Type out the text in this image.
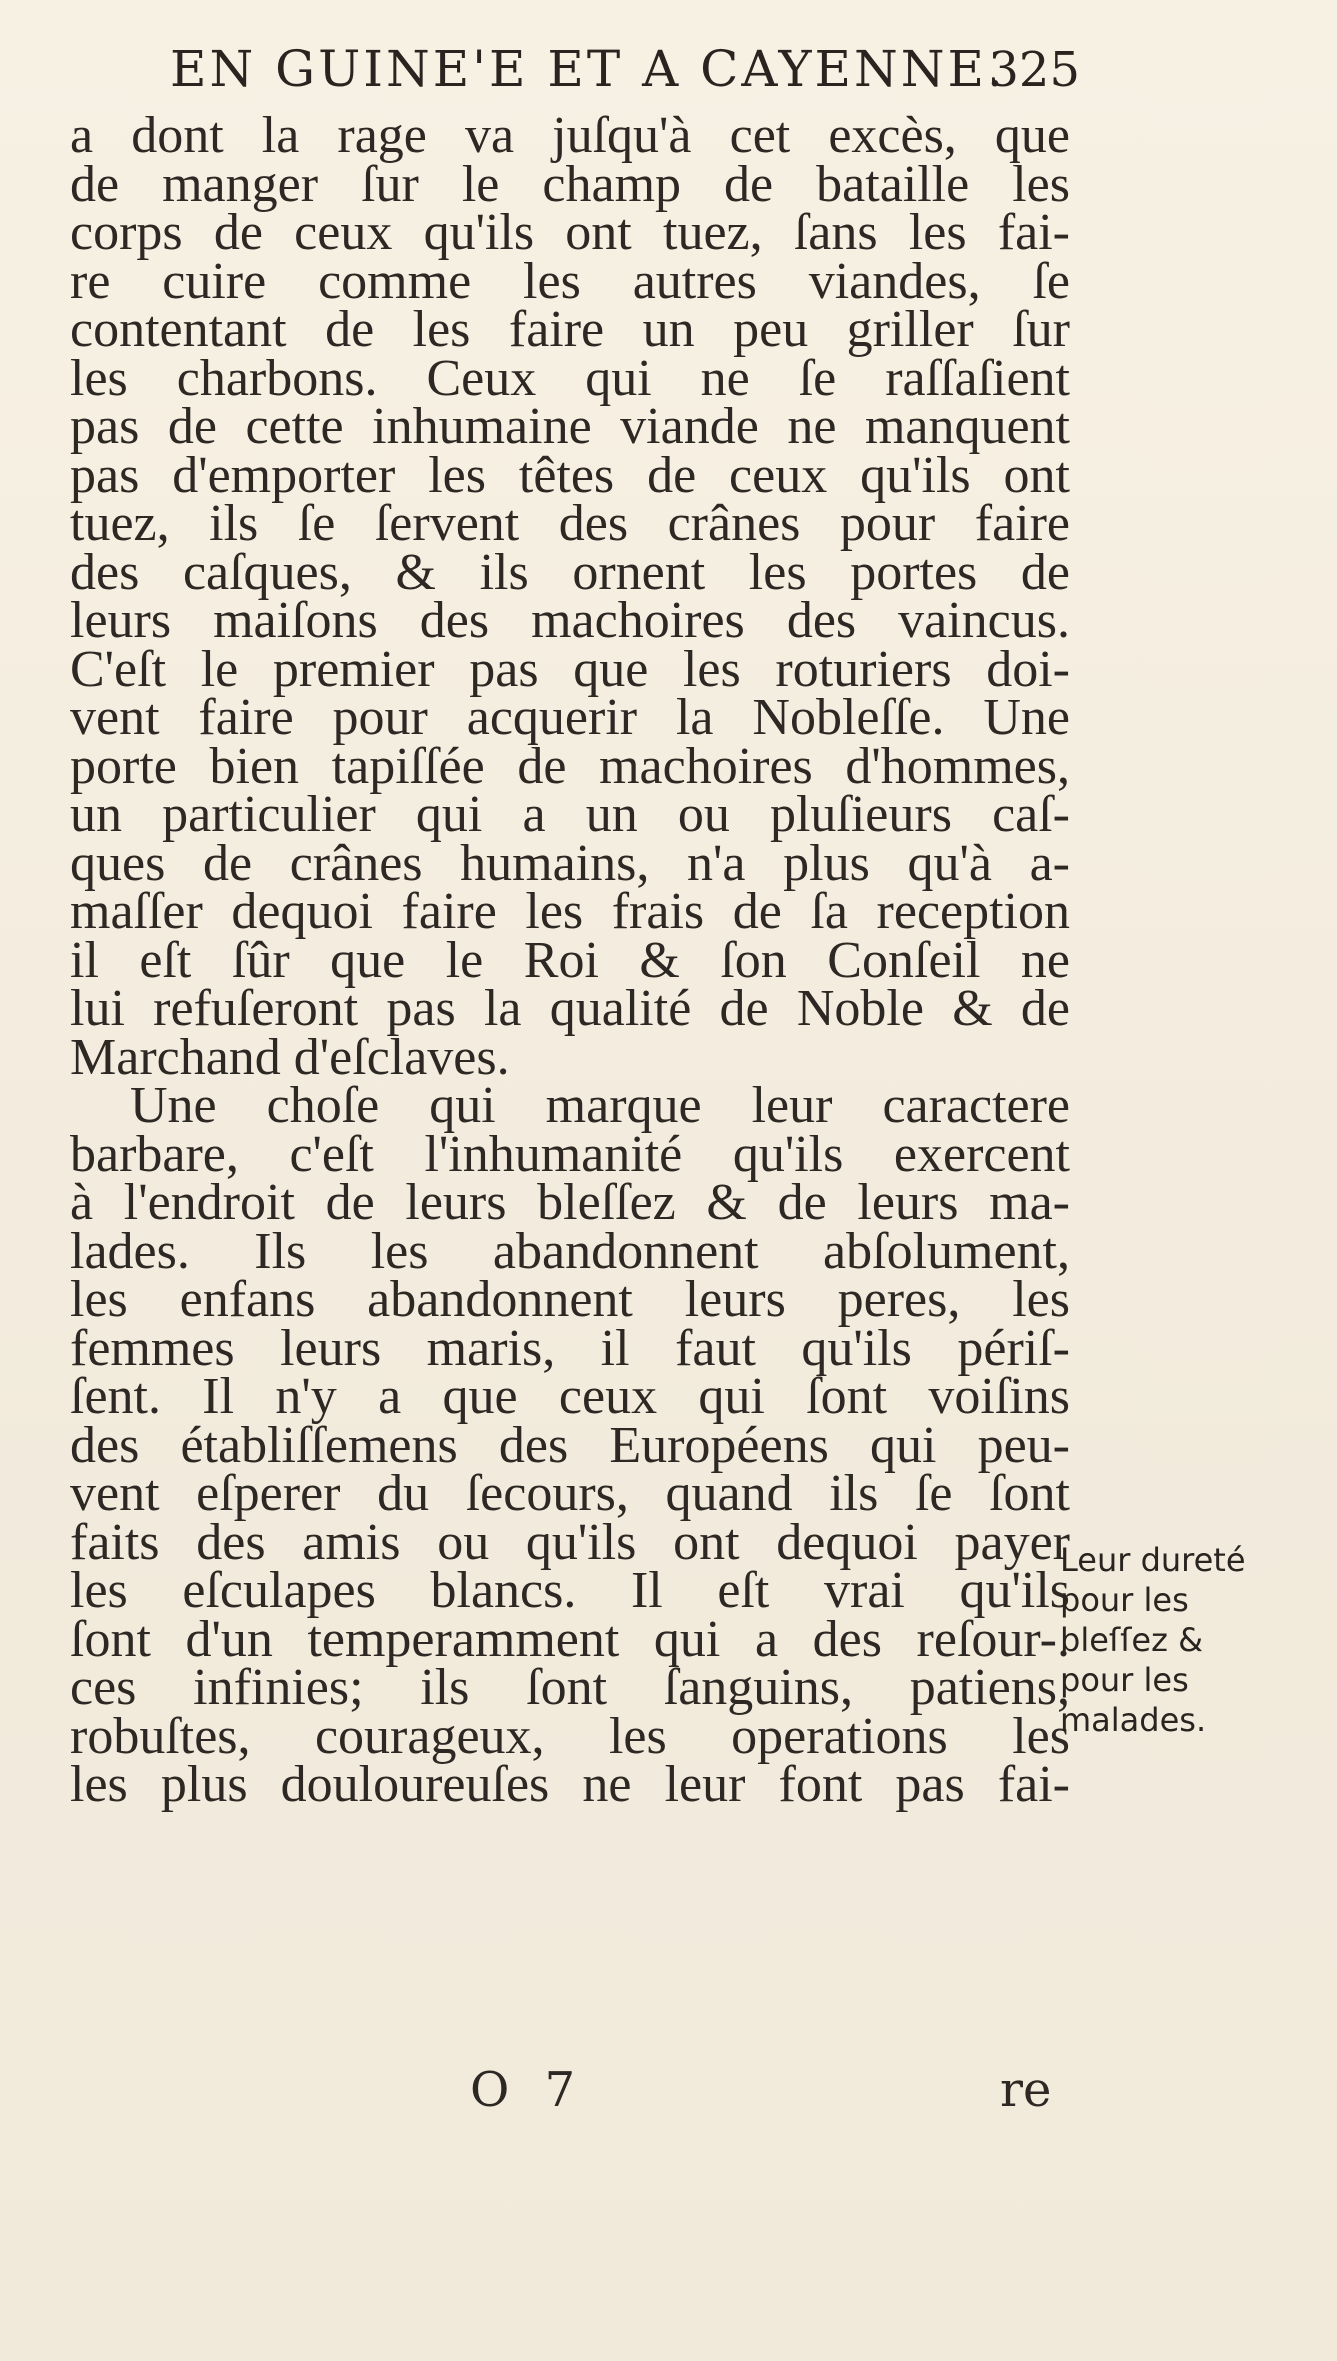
EN GUINE'E ET A CAYENNE.
325
a dont la rage va juſqu'à cet excès, que
de manger ſur le champ de bataille les
corps de ceux qu'ils ont tuez, ſans les fai-
re cuire comme les autres viandes, ſe
contentant de les faire un peu griller ſur
les charbons. Ceux qui ne ſe raſſaſient
pas de cette inhumaine viande ne manquent
pas d'emporter les têtes de ceux qu'ils ont
tuez, ils ſe ſervent des crânes pour faire
des caſques, & ils ornent les portes de
leurs maiſons des machoires des vaincus.
C'eſt le premier pas que les roturiers doi-
vent faire pour acquerir la Nobleſſe. Une
porte bien tapiſſée de machoires d'hommes,
un particulier qui a un ou pluſieurs caſ-
ques de crânes humains, n'a plus qu'à a-
maſſer dequoi faire les frais de ſa reception
il eſt ſûr que le Roi & ſon Conſeil ne
lui refuſeront pas la qualité de Noble & de
Marchand d'eſclaves.
Une choſe qui marque leur caractere
barbare, c'eſt l'inhumanité qu'ils exercent
à l'endroit de leurs bleſſez & de leurs ma-
lades. Ils les abandonnent abſolument,
les enfans abandonnent leurs peres, les
femmes leurs maris, il faut qu'ils périſ-
ſent. Il n'y a que ceux qui ſont voiſins
des établiſſemens des Européens qui peu-
vent eſperer du ſecours, quand ils ſe ſont
faits des amis ou qu'ils ont dequoi payer
les eſculapes blancs. Il eſt vrai qu'ils
ſont d'un temperamment qui a des reſour-.
ces infinies; ils ſont ſanguins, patiens,
robuſtes, courageux, les operations les
les plus douloureuſes ne leur font pas fai-
Leur dureté
pour les
bleſſez &
pour les
malades.
O 7	re
